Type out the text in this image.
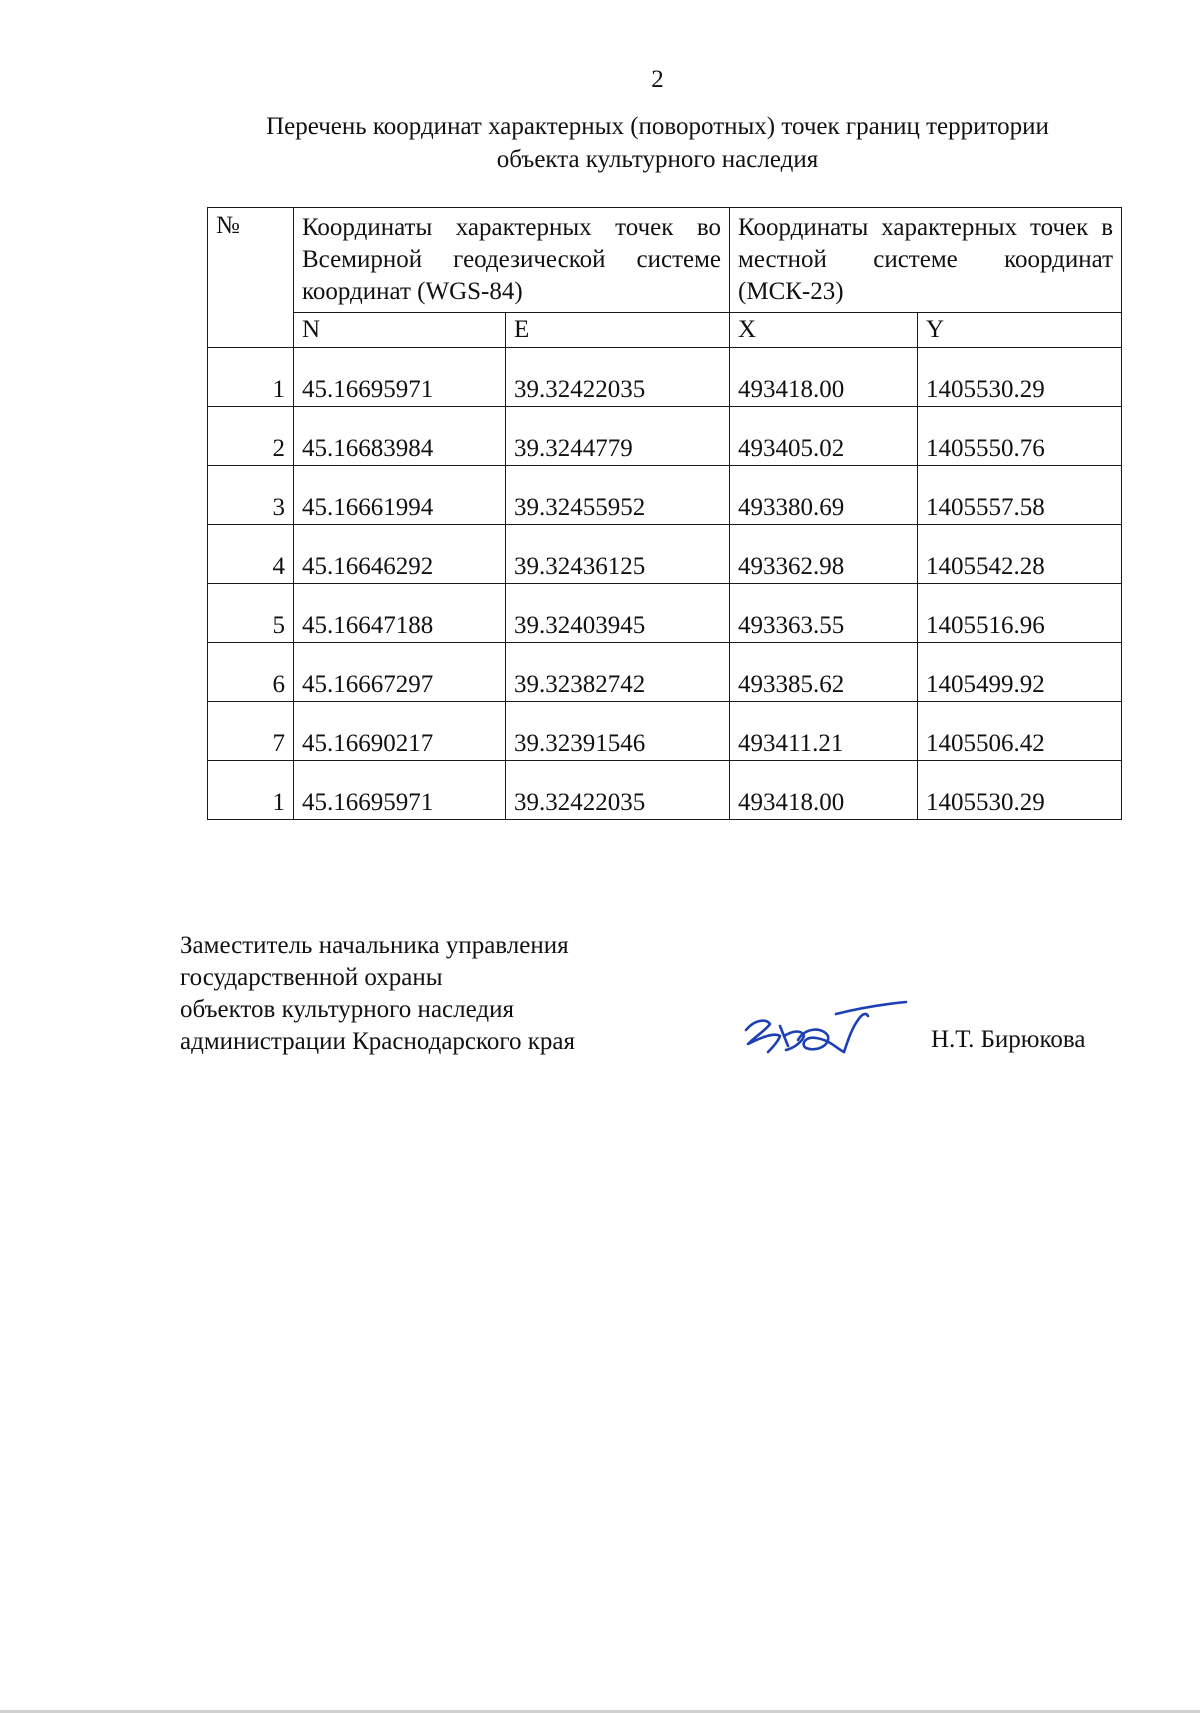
2
Перечень координат характерных (поворотных) точек границ территории
объекта культурного наследия
№	Координаты характерных точек во Всемирной геодезической системе координат (WGS-84)		Координаты характерных точек в местной системе координат (МСК-23)	
	N	E	X	Y
1	45.16695971	39.32422035	493418.00	1405530.29
2	45.16683984	39.3244779	493405.02	1405550.76
3	45.16661994	39.32455952	493380.69	1405557.58
4	45.16646292	39.32436125	493362.98	1405542.28
5	45.16647188	39.32403945	493363.55	1405516.96
6	45.16667297	39.32382742	493385.62	1405499.92
7	45.16690217	39.32391546	493411.21	1405506.42
1	45.16695971	39.32422035	493418.00	1405530.29
Заместитель начальника управления
государственной охраны
объектов культурного наследия
администрации Краснодарского края	Н.Т. Бирюкова
